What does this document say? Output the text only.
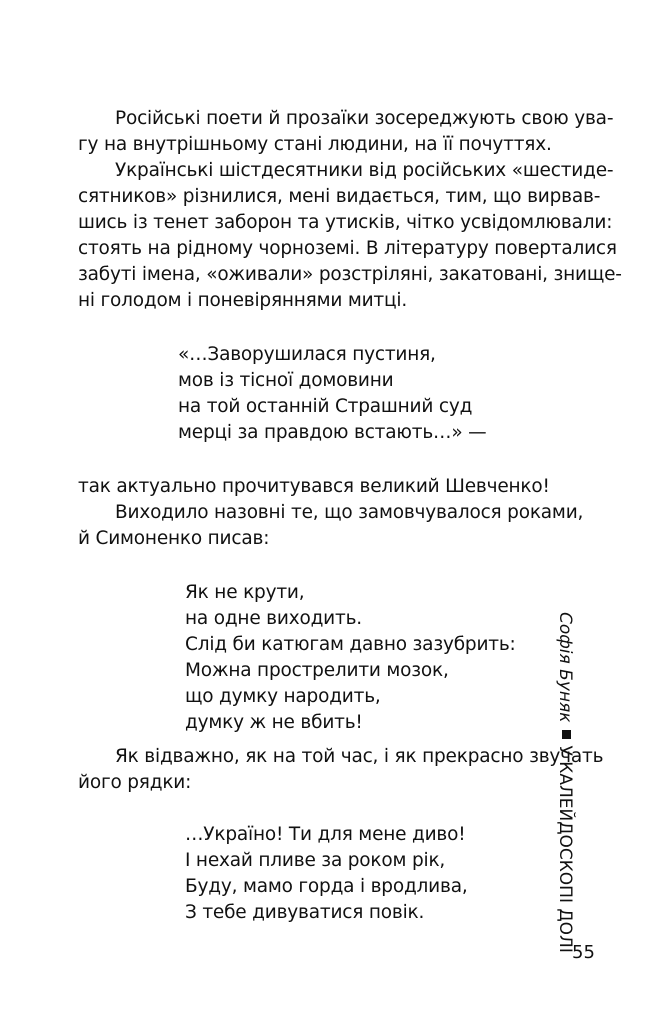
Російські поети й прозаїки зосереджують свою ува-
гу на внутрішньому стані людини, на її почуттях.
Українські шістдесятники від російських «шестиде-
сятников» різнилися, мені видається, тим, що вирвав-
шись із тенет заборон та утисків, чітко усвідомлювали:
стоять на рідному чорноземі. В літературу поверталися
забуті імена, «оживали» розстріляні, закатовані, знище-
ні голодом і поневіряннями митці.
«…Заворушилася пустиня,
мов із тісної домовини
на той останній Страшний суд
мерці за правдою встають…» —
так актуально прочитувався великий Шевченко!
Виходило назовні те, що замовчувалося роками,
й Симоненко писав:
Як не крути,
на одне виходить.
Слід би катюгам давно зазубрить:
Можна прострелити мозок,
що думку народить,
думку ж не вбить!
Як відважно, як на той час, і як прекрасно звучать
його рядки:
…Україно! Ти для мене диво!
І нехай пливе за роком рік,
Буду, мамо горда і вродлива,
З тебе дивуватися повік.
Софія БунякУ КАЛЕЙДОСКОПІ ДОЛІ
55
